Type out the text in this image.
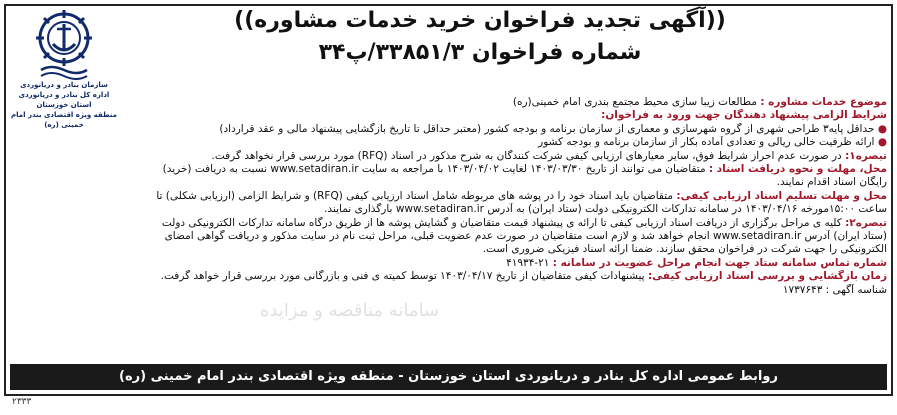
سازمان بنادر و دریانوردی
اداره کل بنادر و دریانوردی استان خوزستان
منطقه ویژه اقتصادی بندر امام خمینی (ره)
((آگهی تجدید فراخوان خرید خدمات مشاوره))
شماره فراخوان ۳۳۸۵۱/۳/پ۳۴
سامانه مناقصه و مزایده

موضوع خدمات مشاوره : مطالعات زیبا سازی محیط مجتمع بندری امام خمینی(ره)

شرایط الزامی پیشنهاد دهندگان جهت ورود به فراخوان:

● حداقل پایه۳ طراحی شهری از گروه شهرسازی و معماری از سازمان برنامه و بودجه کشور (معتبر حداقل تا تاریخ بازگشایی پیشنهاد مالی و عقد قرارداد)

● ارائه ظرفیت خالی ریالی و تعدادی آماده بکار از سازمان برنامه و بودجه کشور

تبصره۱: در صورت عدم احراز شرایط فوق، سایر معیارهای ارزیابی کیفی شرکت کنندگان به شرح مذکور در اسناد (RFQ) مورد بررسی قرار نخواهد گرفت.

محل، مهلت و نحوه دریافت اسناد : متقاضیان می توانند از تاریخ ۱۴۰۳/۰۳/۳۰ لغایت ۱۴۰۳/۰۴/۰۲ با مراجعه به سایت www.setadiran.ir نسبت به دریافت (خرید)

رایگان اسناد اقدام نمایند.

محل و مهلت تسلیم اسناد ارزیابی کیفی: متقاضیان باید اسناد خود را در پوشه های مربوطه شامل اسناد ارزیابی کیفی (RFQ) و شرایط الزامی (ارزیابی شکلی) تا

ساعت ۱۵:۰۰مورخه ۱۴۰۳/۰۴/۱۶ در سامانه تدارکات الکترونیکی دولت (ستاد ایران) به آدرس www.setadiran.ir بارگذاری نمایند.

تبصره۲: کلیه ی مراحل برگزاری از دریافت اسناد ارزیابی کیفی تا ارائه ی پیشنهاد قیمت متقاضیان و گشایش پوشه ها از طریق درگاه سامانه تدارکات الکترونیکی دولت

(ستاد ایران) آدرس www.setadiran.ir انجام خواهد شد و لازم است متقاضیان در صورت عدم عضویت قبلی، مراحل ثبت نام در سایت مذکور و دریافت گواهی امضای

الکترونیکی را جهت شرکت در فراخوان محقق سازند. ضمنا ارائه اسناد فیزیکی ضروری است.

شماره تماس سامانه ستاد جهت انجام مراحل عضویت در سامانه : ۲۱-۴۱۹۳۴

زمان بازگشایی و بررسی اسناد ارزیابی کیفی: پیشنهادات کیفی متقاضیان از تاریخ ۱۴۰۳/۰۴/۱۷ توسط کمیته ی فنی و بازرگانی مورد بررسی قرار خواهد گرفت.

شناسه آگهی : ۱۷۳۷۶۴۳

روابط عمومی اداره کل بنادر و دریانوردی استان خوزستان - منطقه ویژه اقتصادی بندر امام خمینی (ره)
۲۳۳۳
